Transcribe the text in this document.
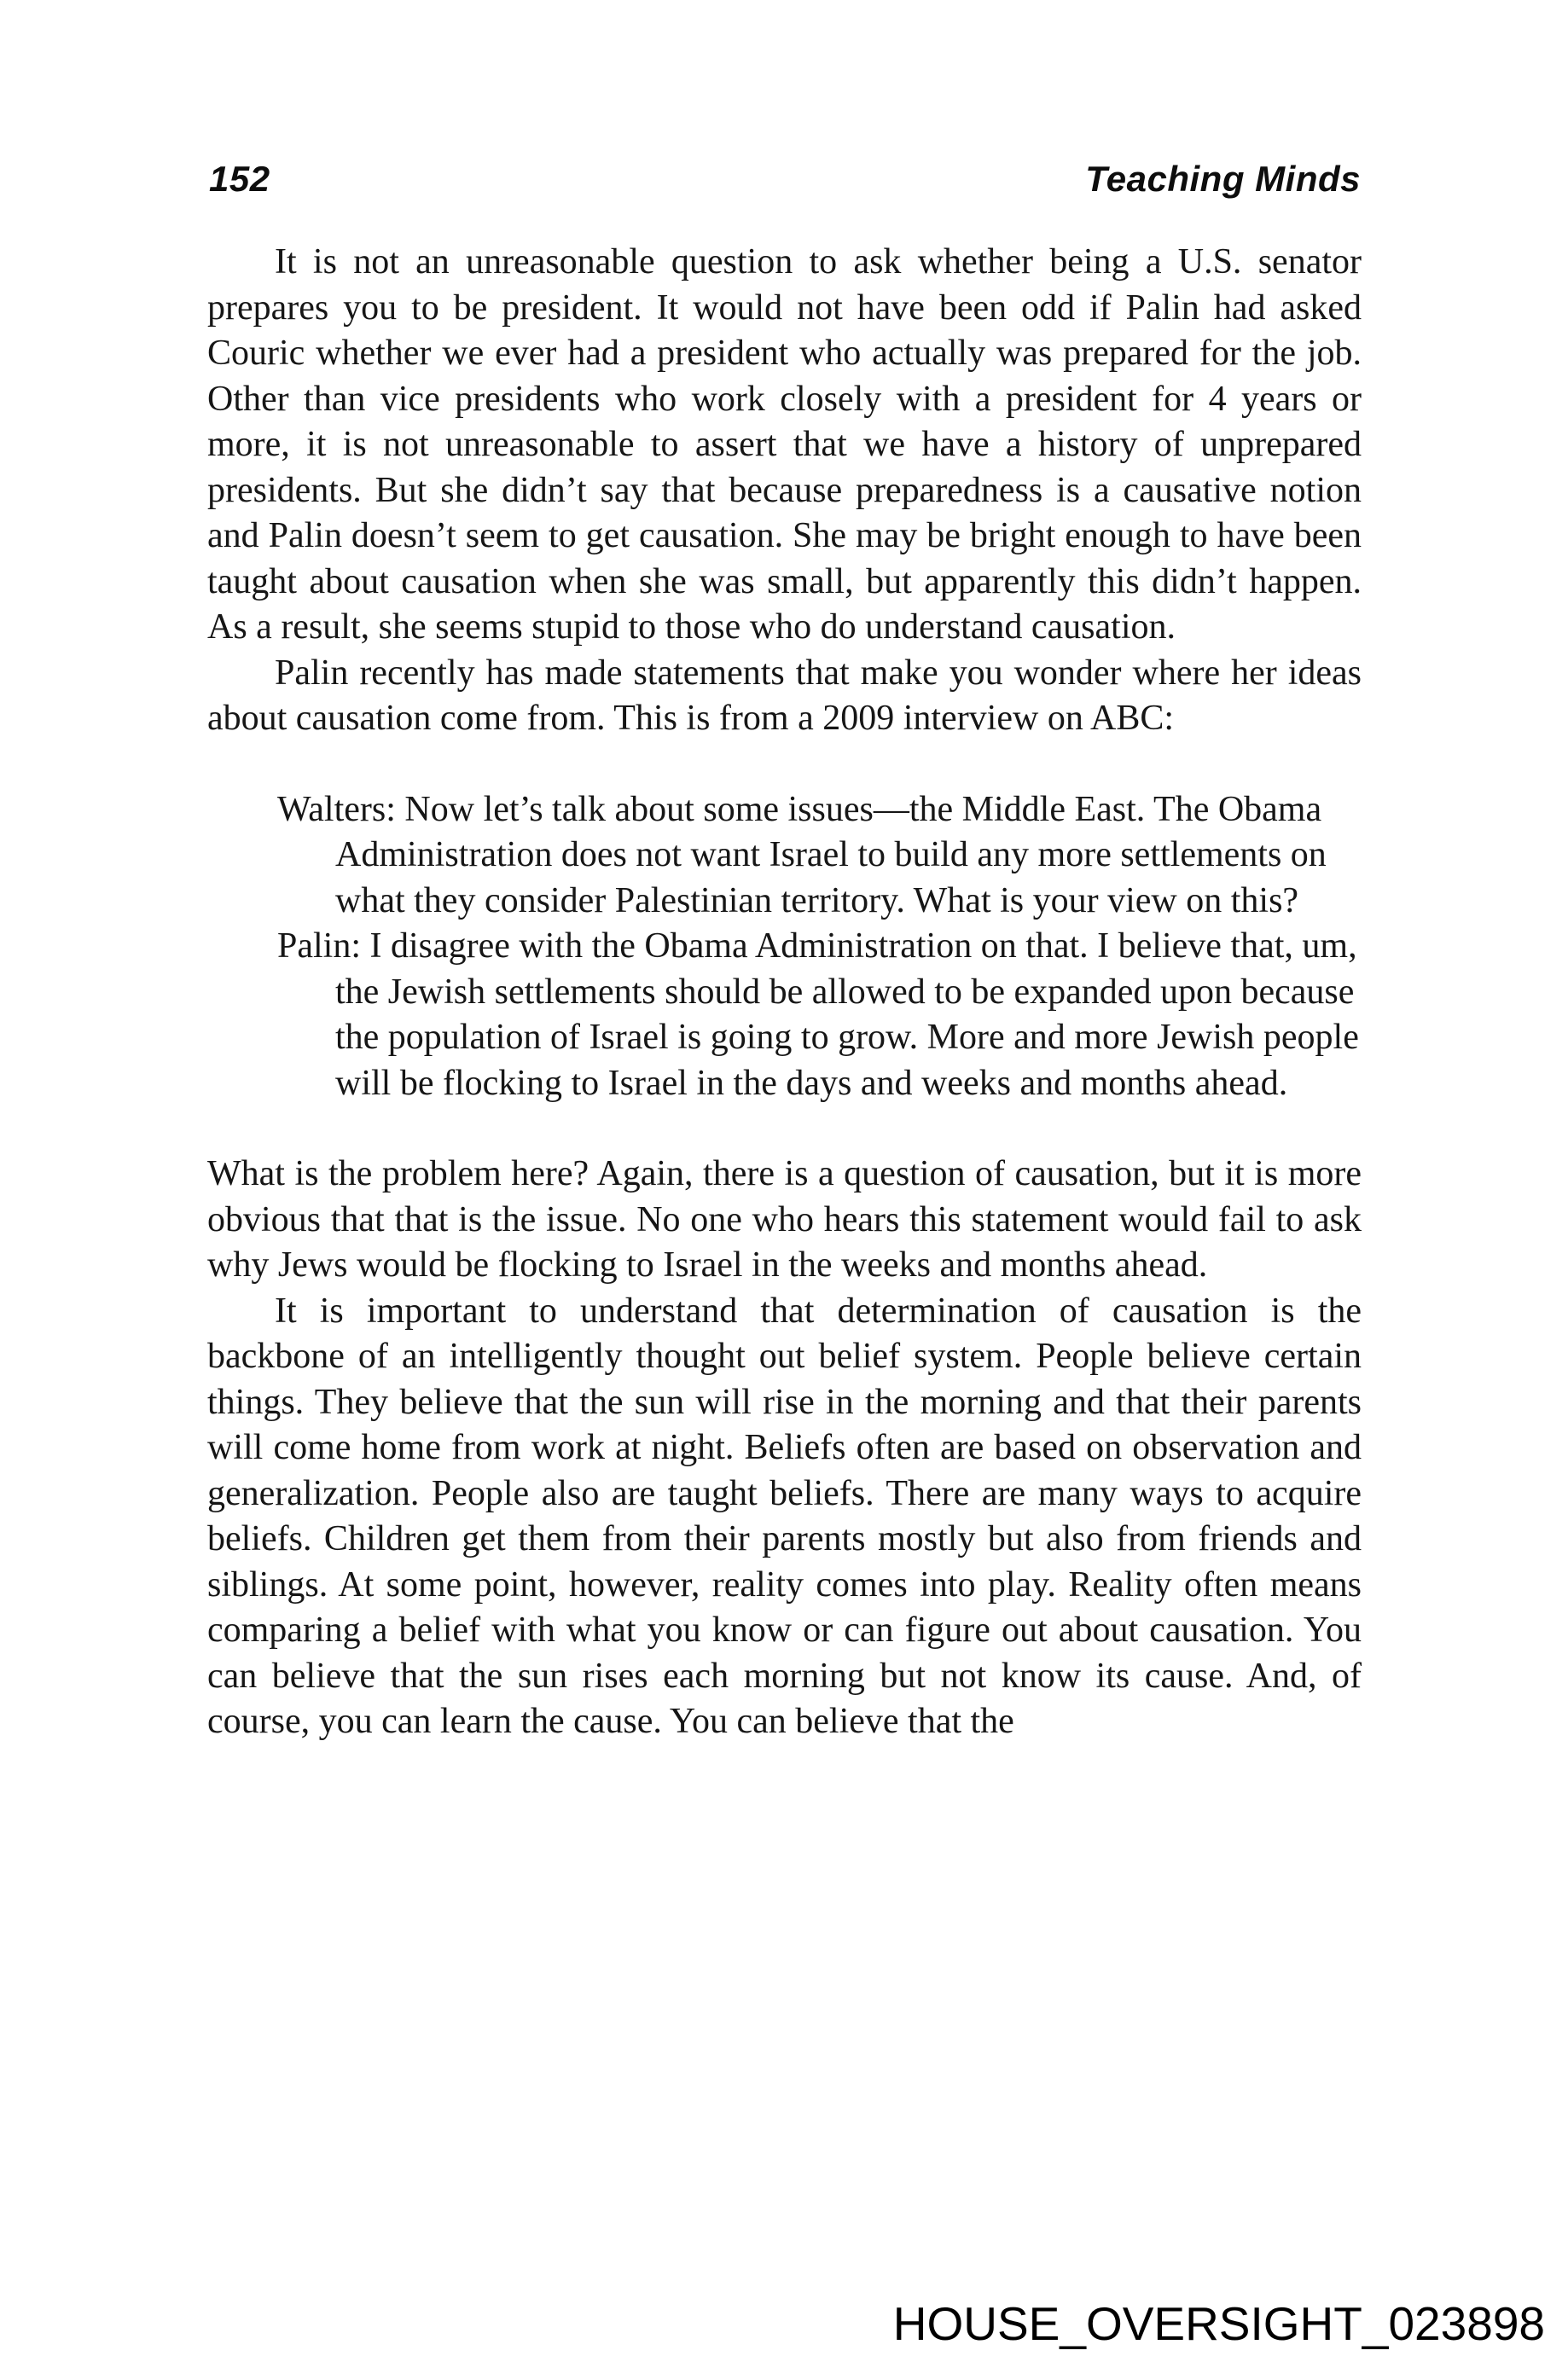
152	Teaching Minds

It is not an unreasonable question to ask whether being a U.S. senator prepares you to be president. It would not have been odd if Palin had asked Couric whether we ever had a president who actually was prepared for the job. Other than vice presidents who work closely with a president for 4 years or more, it is not unreasonable to assert that we have a history of unprepared presidents. But she didn’t say that because preparedness is a causative notion and Palin doesn’t seem to get causation. She may be bright enough to have been taught about causation when she was small, but apparently this didn’t happen. As a result, she seems stupid to those who do understand causation.

Palin recently has made statements that make you wonder where her ideas about causation come from. This is from a 2009 interview on ABC:

Walters: Now let’s talk about some issues—the Middle East. The Obama Administration does not want Israel to build any more settlements on what they consider Palestinian territory. What is your view on this?

Palin: I disagree with the Obama Administration on that. I believe that, um, the Jewish settlements should be allowed to be expanded upon because the population of Israel is going to grow. More and more Jewish people will be flocking to Israel in the days and weeks and months ahead.

What is the problem here? Again, there is a question of causation, but it is more obvious that that is the issue. No one who hears this statement would fail to ask why Jews would be flocking to Israel in the weeks and months ahead.

It is important to understand that determination of causation is the backbone of an intelligently thought out belief system. People believe certain things. They believe that the sun will rise in the morning and that their parents will come home from work at night. Beliefs often are based on observation and generalization. People also are taught beliefs. There are many ways to acquire beliefs. Children get them from their parents mostly but also from friends and siblings. At some point, however, reality comes into play. Reality often means comparing a belief with what you know or can figure out about causation. You can believe that the sun rises each morning but not know its cause. And, of course, you can learn the cause. You can believe that the

HOUSE_OVERSIGHT_023898
